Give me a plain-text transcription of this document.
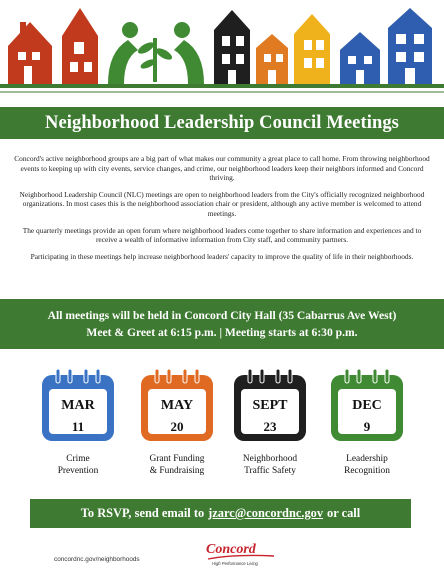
Neighborhood Leadership Council Meetings

Concord's active neighborhood groups are a big part of what makes our community a great place to call home. From throwing neighborhood events to keeping up with city events, service changes, and crime, our neighborhood leaders keep their neighbors informed and Concord thriving.

Neighborhood Leadership Council (NLC) meetings are open to neighborhood leaders from the City's officially recognized neighborhood organizations. In most cases this is the neighborhood association chair or president, although any active member is welcomed to attend meetings.

The quarterly meetings provide an open forum where neighborhood leaders come together to share information and experiences and to receive a wealth of informative information from City staff, and community partners.

Participating in these meetings help increase neighborhood leaders' capacity to improve the quality of life in their neighborhoods.

All meetings will be held in Concord City Hall (35 Cabarrus Ave West)
Meet & Greet at 6:15 p.m. | Meeting starts at 6:30 p.m.
MAR
11
Crime
Prevention
MAY
20
Grant Funding
& Fundraising
SEPT
23
Neighborhood
Traffic Safety
DEC
9
Leadership
Recognition
To RSVP, send email to jzarc@concordnc.gov or call
concordnc.gov/neighborhoods
Concord
High Performance Living
